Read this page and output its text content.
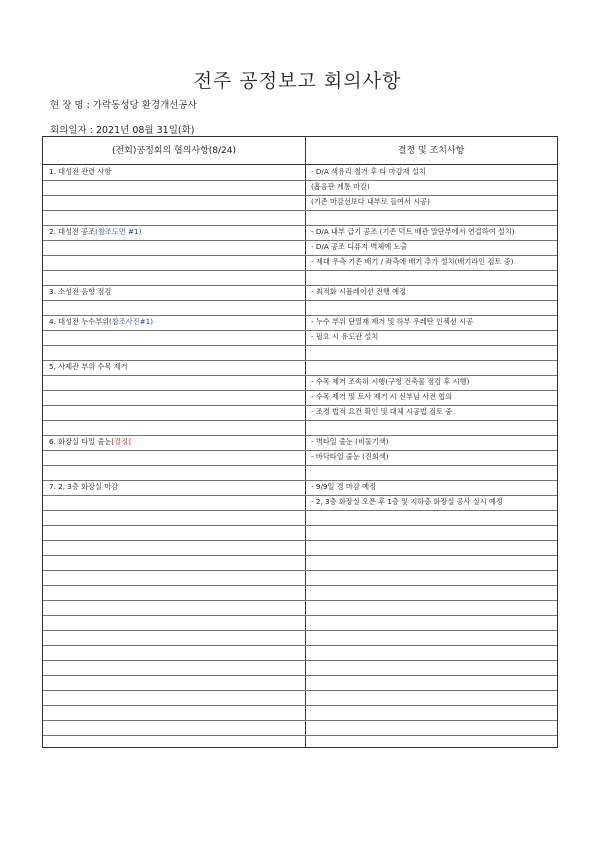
전주 공정보고 회의사항
현 장 명 : 가락동성당 환경개선공사
회의일자 : 2021년 08월 31일(화)
(전회)공정회의 협의사항(8/24)	결정 및 조치사항
1. 대성전 관련 사항	- D/A 색유리 철거 후 타 마감재 설치
(흡음판 계통 마감)
(기존 마감선보다 내부로 들여서 시공)
2. 대성전 공조(참조도면 #1)	- D/A 내부 급기 공조 (기존 덕트 배관 말단부에서 연결하여 설치)
- D/A 공조 디퓨저 벽체에 노출
- 제대 우측 기존 배기 / 좌측에 배기 추가 설치(배기라인 검토 중)
3. 소성전 음향 점검	- 최적화 시뮬레이션 진행 예정
4. 대성전 누수부위(참조사진#1)	- 누수 부위 단열재 제거 및 하부 우레탄 인젝션 시공
- 필요 시 유도관 설치
5. 사제관 부위 수목 제거
- 수목 제거 조속히 시행(구청 건축물 점검 후 시행)
- 수목 제거 및 토사 제거 시 신부님 사전 협의
- 조경 법적 요건 확인 및 대체 시공법 검토 중
6. 화장실 타일 줄눈[결정]	- 벽타일 줄눈 (비둘기색)
- 바닥타일 줄눈 (진회색)
7. 2, 3층 화장실 마감	- 9/9일 경 마감 예정
- 2, 3층 화장실 오픈 후 1층 및 지하층 화장실 공사 실시 예정
